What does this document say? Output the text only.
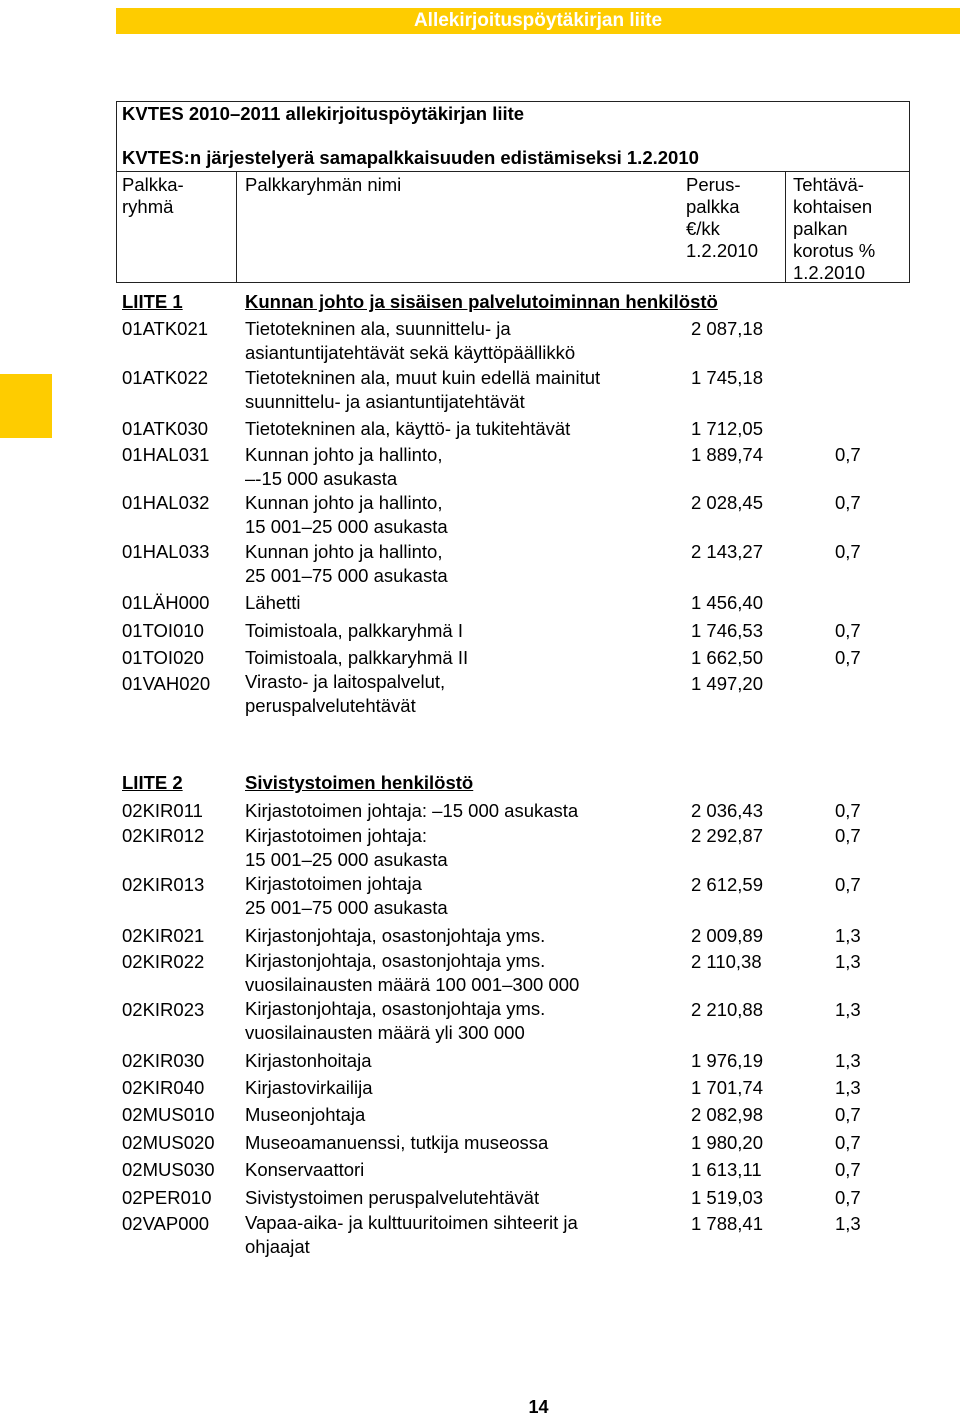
Allekirjoituspöytäkirjan liite
KVTES 2010–2011 allekirjoituspöytäkirjan liite
KVTES:n järjestelyerä samapalkkaisuuden edistämiseksi 1.2.2010
Palkka-
ryhmä
Palkkaryhmän nimi	Perus-
palkka
€/kk
1.2.2010
Tehtävä-
kohtaisen
palkan
korotus %
1.2.2010
LIITE 1	Kunnan johto ja sisäisen palvelutoiminnan henkilöstö
01ATK021 Tietotekninen ala, suunnittelu- ja
asiantuntijatehtävät sekä käyttöpäällikkö
2 087,18
01ATK022 Tietotekninen ala, muut kuin edellä mainitut
suunnittelu- ja asiantuntijatehtävät
1 745,18
01ATK030 Tietotekninen ala, käyttö- ja tukitehtävät	1 712,05
01HAL031 Kunnan johto ja hallinto,
–-15 000 asukasta
1 889,74	0,7
01HAL032 Kunnan johto ja hallinto,
15 001–25 000 asukasta
2 028,45	0,7
01HAL033 Kunnan johto ja hallinto,
25 001–75 000 asukasta
2 143,27	0,7
01LÄH000 Lähetti	1 456,40
01TOI010 Toimistoala, palkkaryhmä I	1 746,53	0,7
01TOI020 Toimistoala, palkkaryhmä II	1 662,50	0,7
01VAH020 Virasto- ja laitospalvelut,
peruspalvelutehtävät
1 497,20
LIITE 2	Sivistystoimen henkilöstö
02KIR011 Kirjastotoimen johtaja: –15 000 asukasta	2 036,43	0,7
02KIR012 Kirjastotoimen johtaja:
15 001–25 000 asukasta
2 292,87	0,7
02KIR013 Kirjastotoimen johtaja
25 001–75 000 asukasta
2 612,59	0,7
02KIR021 Kirjastonjohtaja, osastonjohtaja yms.	2 009,89	1,3
02KIR022 Kirjastonjohtaja, osastonjohtaja yms.
vuosilainausten määrä 100 001–300 000
2 110,38	1,3
02KIR023 Kirjastonjohtaja, osastonjohtaja yms.
vuosilainausten määrä yli 300 000
2 210,88	1,3
02KIR030 Kirjastonhoitaja	1 976,19	1,3
02KIR040 Kirjastovirkailija	1 701,74	1,3
02MUS010 Museonjohtaja	2 082,98	0,7
02MUS020 Museoamanuenssi, tutkija museossa	1 980,20	0,7
02MUS030 Konservaattori	1 613,11	0,7
02PER010 Sivistystoimen peruspalvelutehtävät	1 519,03	0,7
02VAP000 Vapaa-aika- ja kulttuuritoimen sihteerit ja
ohjaajat
1 788,41	1,3
14
